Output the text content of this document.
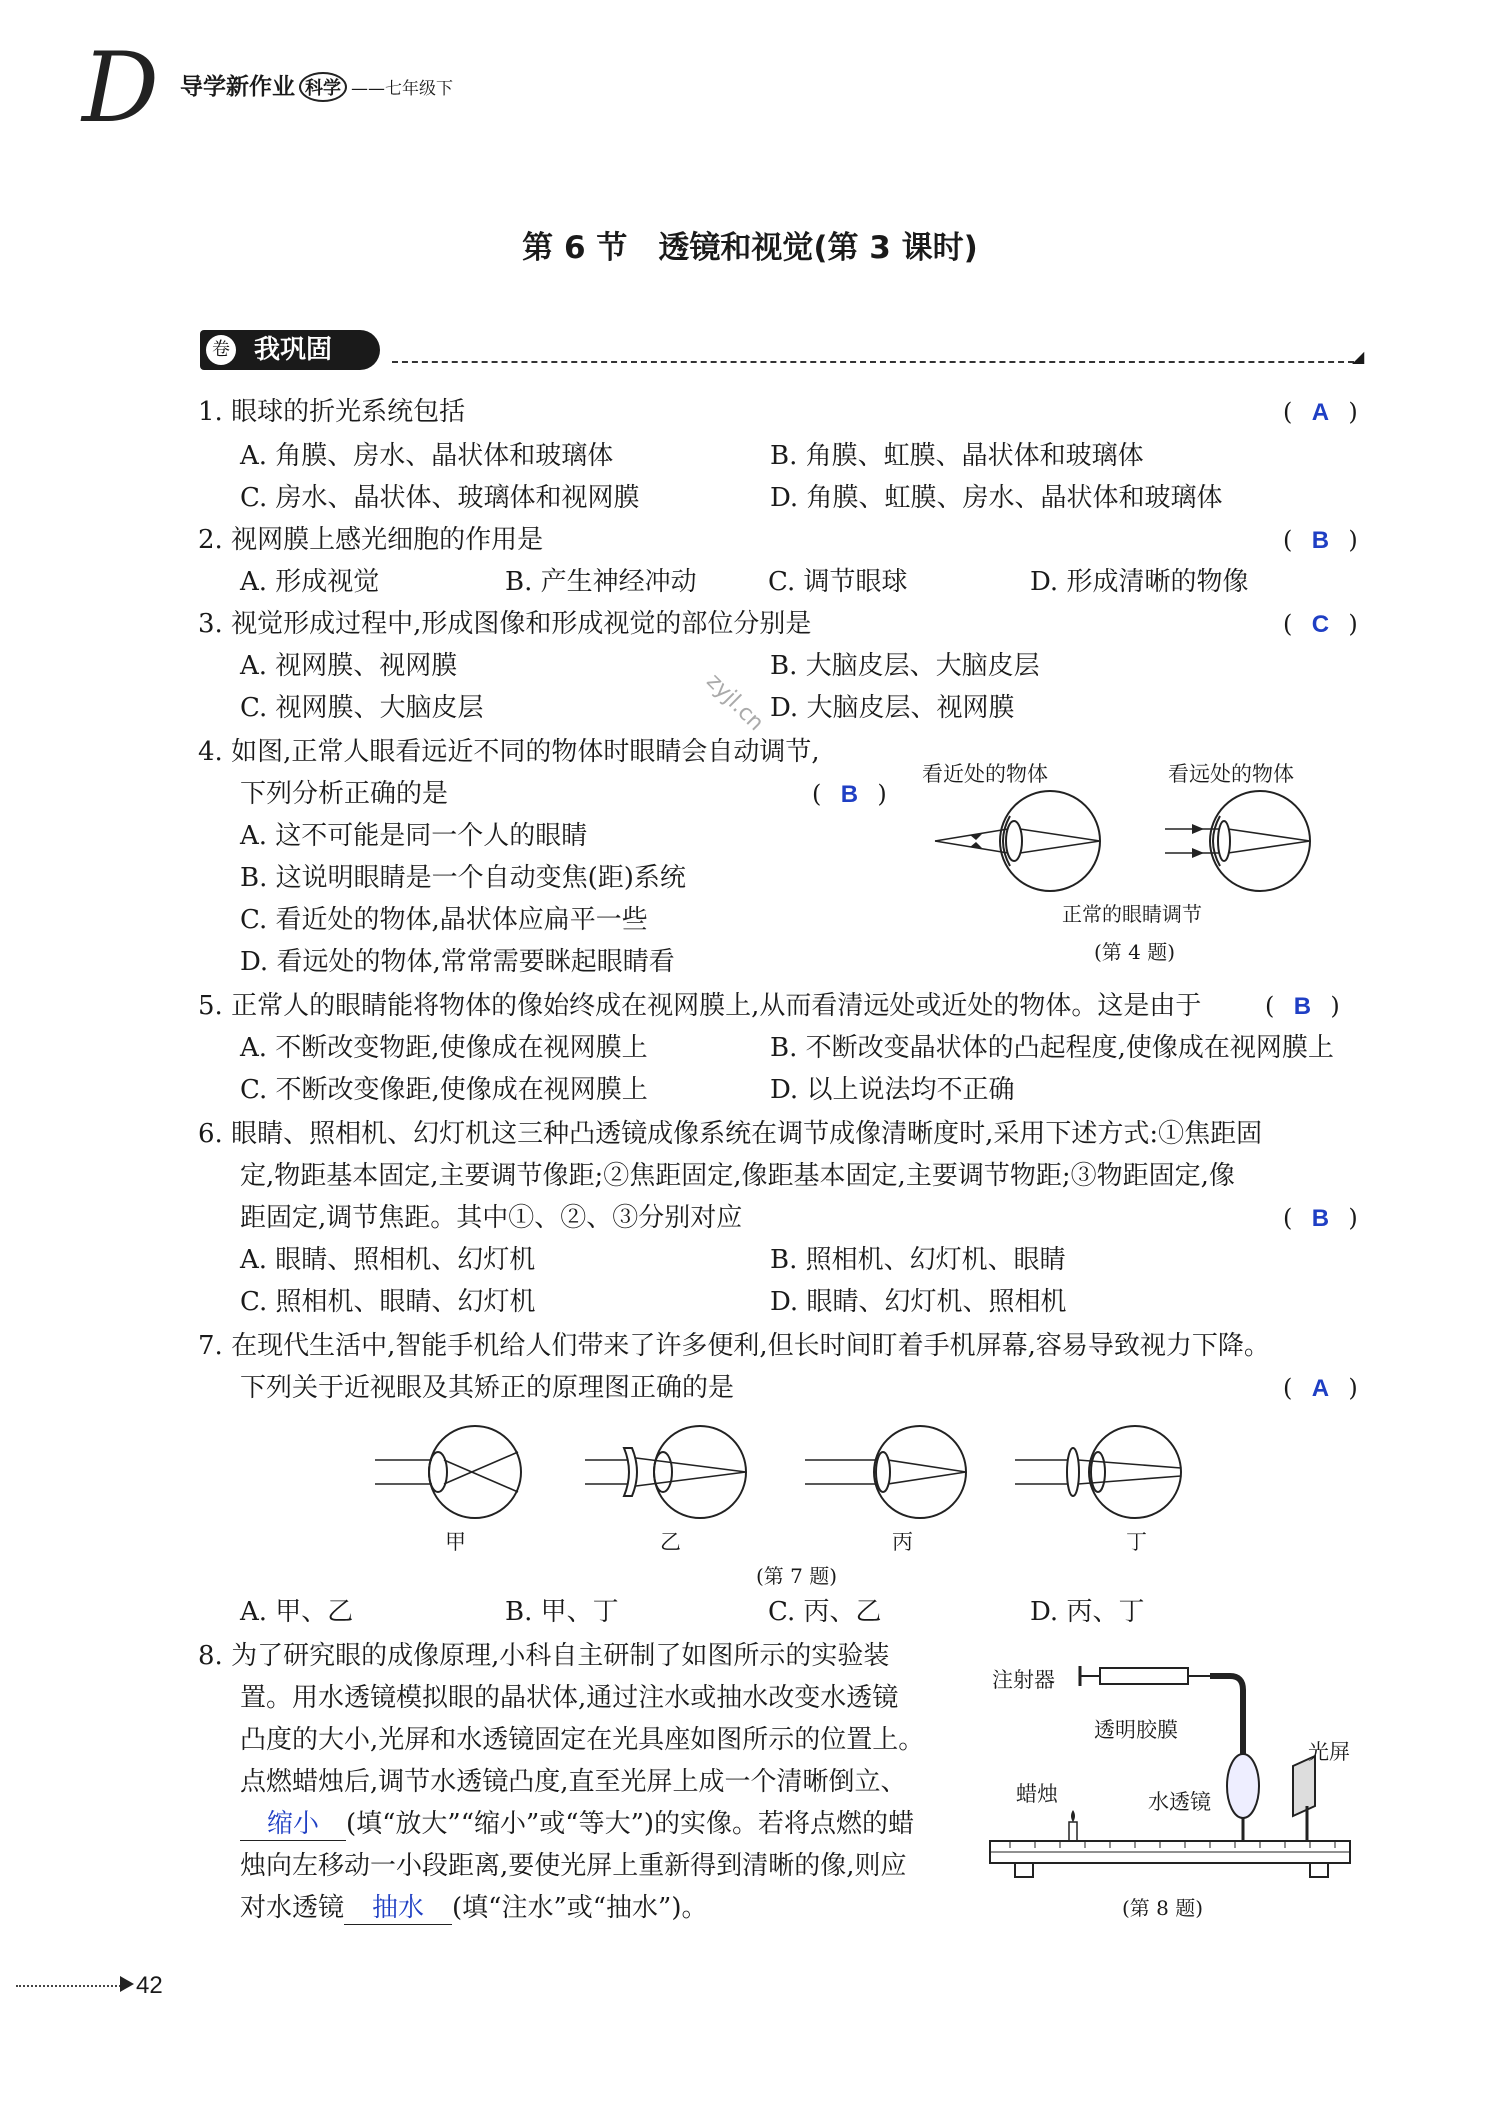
D 导学新作业 科学 ——七年级下
第 6 节　透镜和视觉(第 3 课时)
我巩固
卷	◢
1. 眼球的折光系统包括	( A )
A. 角膜、房水、晶状体和玻璃体	B. 角膜、虹膜、晶状体和玻璃体
C. 房水、晶状体、玻璃体和视网膜	D. 角膜、虹膜、房水、晶状体和玻璃体
2. 视网膜上感光细胞的作用是	( B )
A. 形成视觉	B. 产生神经冲动	C. 调节眼球	D. 形成清晰的物像
3. 视觉形成过程中,形成图像和形成视觉的部位分别是	( C )
A. 视网膜、视网膜	B. 大脑皮层、大脑皮层
C. 视网膜、大脑皮层	D. 大脑皮层、视网膜
zyjl.cn
4. 如图,正常人眼看远近不同的物体时眼睛会自动调节,
下列分析正确的是	( B )
A. 这不可能是同一个人的眼睛
B. 这说明眼睛是一个自动变焦(距)系统
C. 看近处的物体,晶状体应扁平一些
D. 看远处的物体,常常需要眯起眼睛看
看近处的物体	看远处的物体
正常的眼睛调节
(第 4 题)
5. 正常人的眼睛能将物体的像始终成在视网膜上,从而看清远处或近处的物体。这是由于	( B )
A. 不断改变物距,使像成在视网膜上	B. 不断改变晶状体的凸起程度,使像成在视网膜上
C. 不断改变像距,使像成在视网膜上	D. 以上说法均不正确
6. 眼睛、照相机、幻灯机这三种凸透镜成像系统在调节成像清晰度时,采用下述方式:①焦距固
定,物距基本固定,主要调节像距;②焦距固定,像距基本固定,主要调节物距;③物距固定,像
距固定,调节焦距。其中①、②、③分别对应	( B )
A. 眼睛、照相机、幻灯机	B. 照相机、幻灯机、眼睛
C. 照相机、眼睛、幻灯机	D. 眼睛、幻灯机、照相机
7. 在现代生活中,智能手机给人们带来了许多便利,但长时间盯着手机屏幕,容易导致视力下降。
下列关于近视眼及其矫正的原理图正确的是	( A )
甲	乙	丙	丁
(第 7 题)
A. 甲、乙	B. 甲、丁	C. 丙、乙	D. 丙、丁
8. 为了研究眼的成像原理,小科自主研制了如图所示的实验装
置。用水透镜模拟眼的晶状体,通过注水或抽水改变水透镜
凸度的大小,光屏和水透镜固定在光具座如图所示的位置上。
点燃蜡烛后,调节水透镜凸度,直至光屏上成一个清晰倒立、
缩小 (填“放大”“缩小”或“等大”)的实像。若将点燃的蜡
烛向左移动一小段距离,要使光屏上重新得到清晰的像,则应
对水透镜 抽水 (填“注水”或“抽水”)。
注射器
透明胶膜
光屏
蜡烛	水透镜
(第 8 题)
42
